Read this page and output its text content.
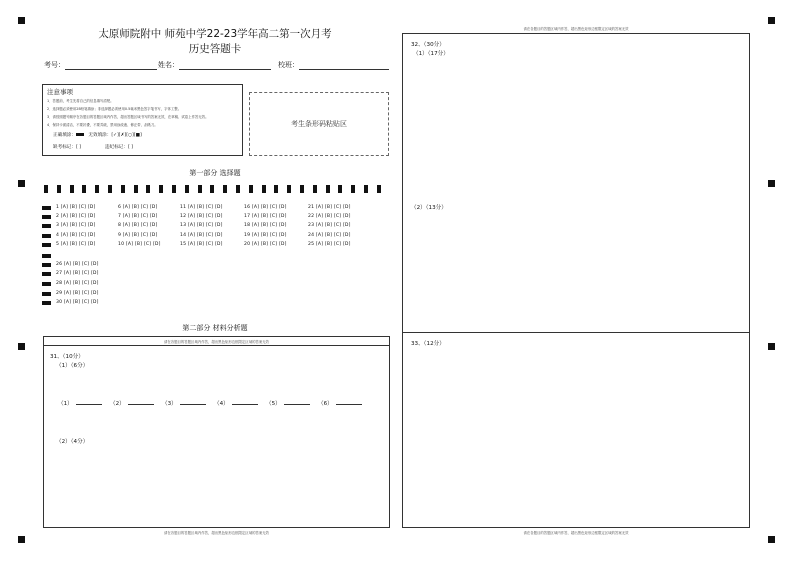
太原师院附中 师苑中学22-23学年高二第一次月考
历史答题卡
考号：	姓名：	校班：
注意事项
1．答题前，考生先将自己的信息填写清楚。
2．选择题必须使用2B铅笔填涂；非选择题必须使用0.5毫米黑色签字笔书写，字体工整。
3．请按照题号顺序在各题目的答题区域内作答，超出答题区域书写的答案无效，在草稿、试卷上作答无效。
4．保持卡面清洁，不要折叠，不要弄破，禁用涂改液、修正带、刮纸刀。
正确填涂：	无效填涂：[✓][✗][○][■]
缺考标记：[ ]	违纪标记：[ ]
考生条形码粘贴区
第一部分 选择题
1 [A] [B] [C] [D]	6 [A] [B] [C] [D]	11 [A] [B] [C] [D]	16 [A] [B] [C] [D]	21 [A] [B] [C] [D]
2 [A] [B] [C] [D]	7 [A] [B] [C] [D]	12 [A] [B] [C] [D]	17 [A] [B] [C] [D]	22 [A] [B] [C] [D]
3 [A] [B] [C] [D]	8 [A] [B] [C] [D]	13 [A] [B] [C] [D]	18 [A] [B] [C] [D]	23 [A] [B] [C] [D]
4 [A] [B] [C] [D]	9 [A] [B] [C] [D]	14 [A] [B] [C] [D]	19 [A] [B] [C] [D]	24 [A] [B] [C] [D]
5 [A] [B] [C] [D]	10 [A] [B] [C] [D]	15 [A] [B] [C] [D]	20 [A] [B] [C] [D]	25 [A] [B] [C] [D]
26 [A] [B] [C] [D]
27 [A] [B] [C] [D]
28 [A] [B] [C] [D]
29 [A] [B] [C] [D]
30 [A] [B] [C] [D]
第二部分 材料分析题
请在各题目的答题区域内作答，超出黑色矩形边框限定区域的答案无效
31、（10分）
（1）（6分）
（1）	（2）	（3）	（4）	（5）	（6）
（2）（4分）
请在各题目的答题区域内作答，超出黑色矩形边框限定区域的答案无效
请在各题目的答题区域内作答，超出黑色矩形边框限定区域的答案无效
32、（30分）
（1）（17分）
（2）（13分）
33、（12分）
请在各题目的答题区域内作答，超出黑色矩形边框限定区域的答案无效
